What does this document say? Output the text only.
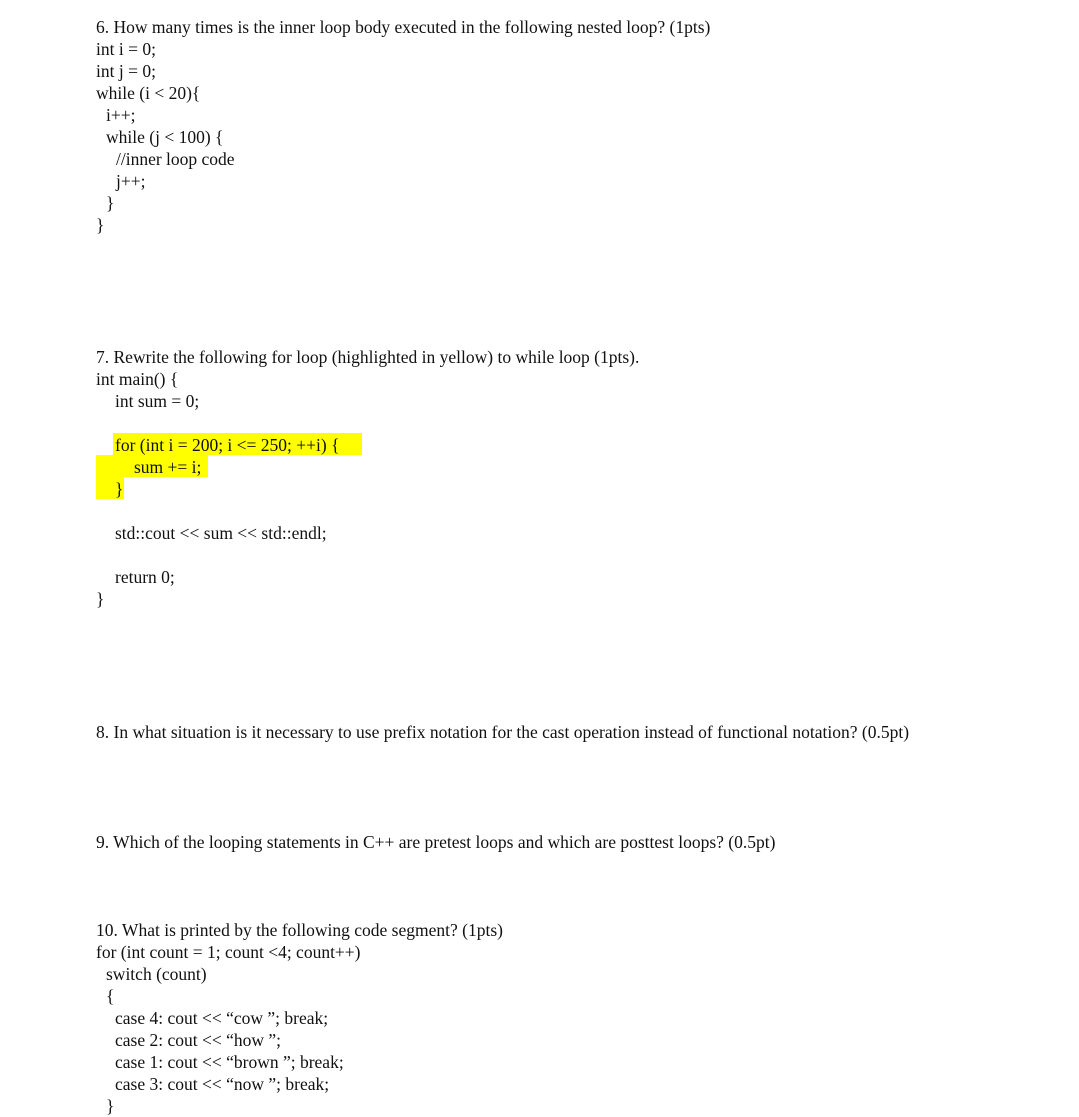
6. How many times is the inner loop body executed in the following nested loop? (1pts)
int i = 0;
int j = 0;
while (i < 20){
i++;
while (j < 100) {
//inner loop code
j++;
}
}
7. Rewrite the following for loop (highlighted in yellow) to while loop (1pts).
int main() {
int sum = 0;
for (int i = 200; i <= 250; ++i) {
sum += i;
}
std::cout << sum << std::endl;
return 0;
}
8. In what situation is it necessary to use prefix notation for the cast operation instead of functional notation? (0.5pt)
9. Which of the looping statements in C++ are pretest loops and which are posttest loops? (0.5pt)
10. What is printed by the following code segment? (1pts)
for (int count = 1; count <4; count++)
switch (count)
{
case 4: cout << “cow ”; break;
case 2: cout << “how ”;
case 1: cout << “brown ”; break;
case 3: cout << “now ”; break;
}
